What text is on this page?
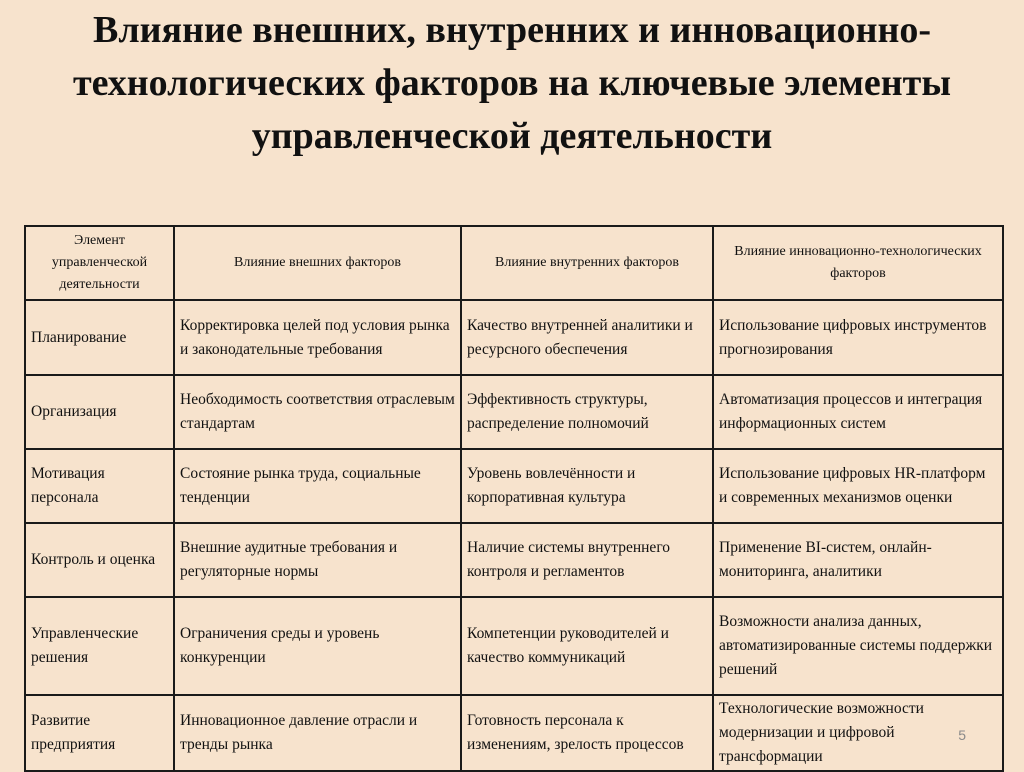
Влияние внешних, внутренних и инновационно-технологических факторов на ключевые элементы управленческой деятельности
Элемент управленческой деятельности	Влияние внешних факторов	Влияние внутренних факторов	Влияние инновационно-технологических факторов
Планирование	Корректировка целей под условия рынка и законодательные требования	Качество внутренней аналитики и ресурсного обеспечения	Использование цифровых инструментов прогнозирования
Организация	Необходимость соответствия отраслевым стандартам	Эффективность структуры, распределение полномочий	Автоматизация процессов и интеграция информационных систем
Мотивация персонала	Состояние рынка труда, социальные тенденции	Уровень вовлечённости и корпоративная культура	Использование цифровых HR-платформ и современных механизмов оценки
Контроль и оценка	Внешние аудитные требования и регуляторные нормы	Наличие системы внутреннего контроля и регламентов	Применение BI-систем, онлайн-мониторинга, аналитики
Управленческие решения	Ограничения среды и уровень конкуренции	Компетенции руководителей и качество коммуникаций	Возможности анализа данных, автоматизированные системы поддержки решений
Развитие предприятия	Инновационное давление отрасли и тренды рынка	Готовность персонала к изменениям, зрелость процессов	Технологические возможности модернизации и цифровой трансформации
5
